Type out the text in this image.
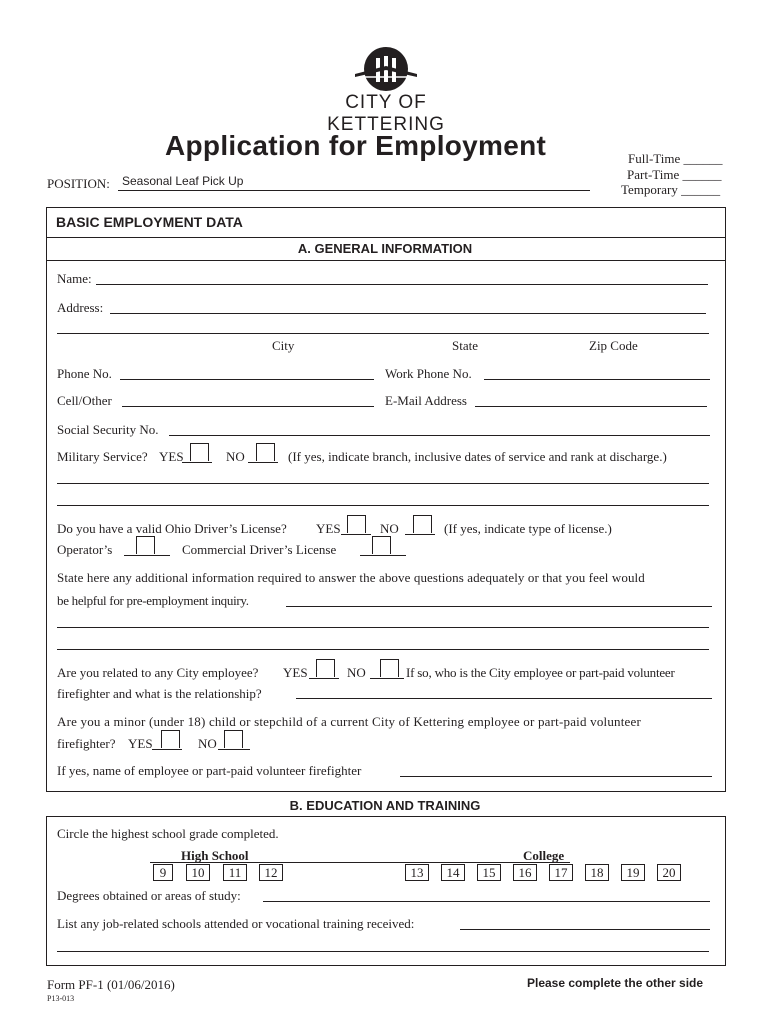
CITY OF KETTERING
Application for Employment
POSITION: Seasonal Leaf Pick Up
Full-Time ______
Part-Time ______
Temporary ______
BASIC EMPLOYMENT DATA
A. GENERAL INFORMATION
Name:
Address:
City	State	Zip Code
Phone No.	Work Phone No.
Cell/Other	E-Mail Address
Social Security No.
Military Service? YES	NO	(If yes, indicate branch, inclusive dates of service and rank at discharge.)
Do you have a valid Ohio Driver’s License? YES	NO	(If yes, indicate type of license.)
Operator’s	Commercial Driver’s License
State here any additional information required to answer the above questions adequately or that you feel would
be helpful for pre-employment inquiry.
Are you related to any City employee? YES	NO	If so, who is the City employee or part-paid volunteer
firefighter and what is the relationship?
Are you a minor (under 18) child or stepchild of a current City of Kettering employee or part-paid volunteer
firefighter? YES	NO
If yes, name of employee or part-paid volunteer firefighter
B. EDUCATION AND TRAINING
Circle the highest school grade completed.
High School	College
9	10	11	12	13	14	15	16	17	18	19	20
Degrees obtained or areas of study:
List any job-related schools attended or vocational training received:
Form PF-1 (01/06/2016)
P13-013
Please complete the other side
